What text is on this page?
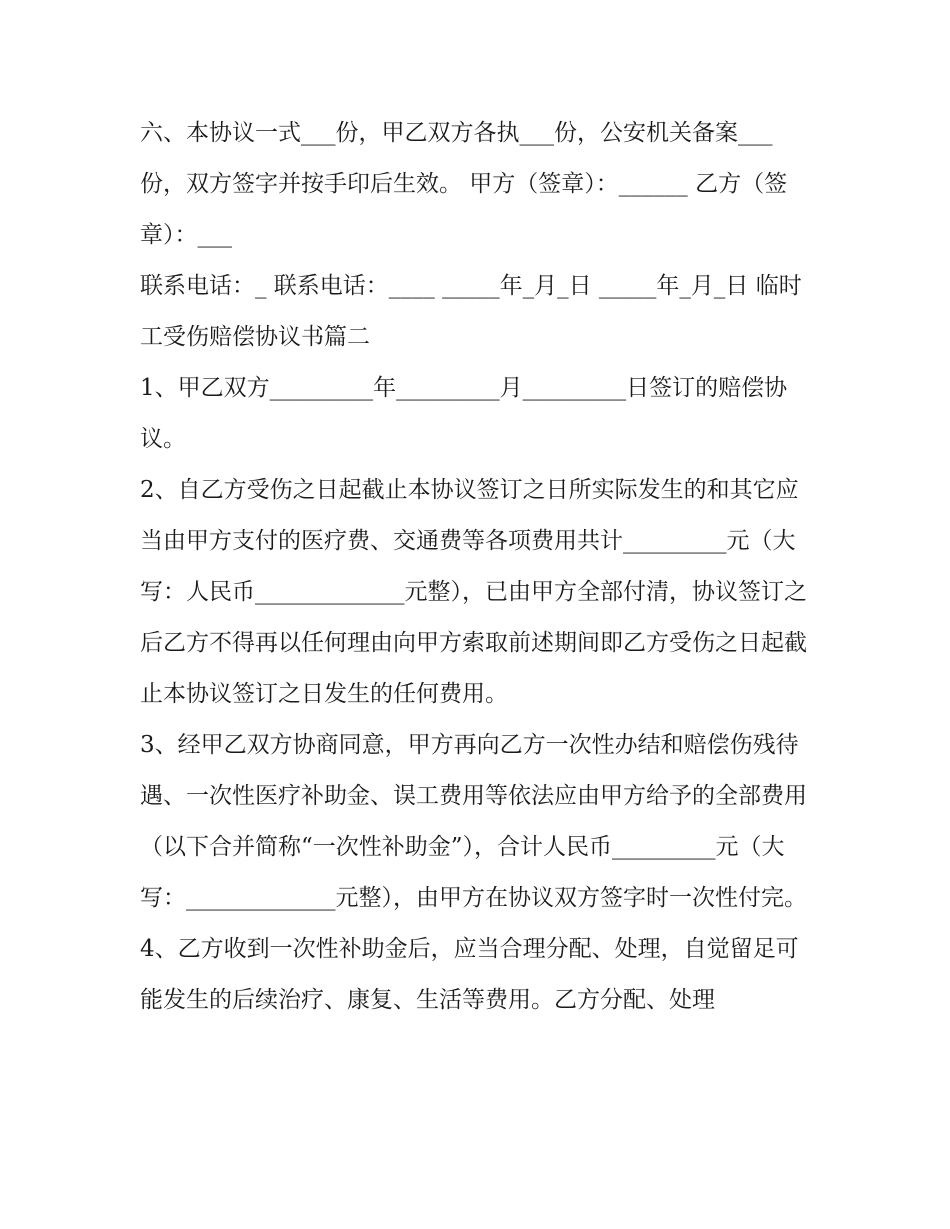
六、本协议一式___份，甲乙双方各执___份，公安机关备案___份，双方签字并按手印后生效。 甲方（签章）：______ 乙方（签章）：___

联系电话：_ 联系电话：____ _____年_月_日 _____年_月_日 临时工受伤赔偿协议书篇二

1、甲乙双方_________年_________月_________日签订的赔偿协议。

2、自乙方受伤之日起截止本协议签订之日所实际发生的和其它应当由甲方支付的医疗费、交通费等各项费用共计_________元（大写：人民币_____________元整），已由甲方全部付清，协议签订之后乙方不得再以任何理由向甲方索取前述期间即乙方受伤之日起截止本协议签订之日发生的任何费用。

3、经甲乙双方协商同意，甲方再向乙方一次性办结和赔偿伤残待遇、一次性医疗补助金、误工费用等依法应由甲方给予的全部费用（以下合并简称“一次性补助金”），合计人民币_________元（大写：_____________元整），由甲方在协议双方签字时一次性付完。

4、乙方收到一次性补助金后，应当合理分配、处理，自觉留足可能发生的后续治疗、康复、生活等费用。乙方分配、处理
